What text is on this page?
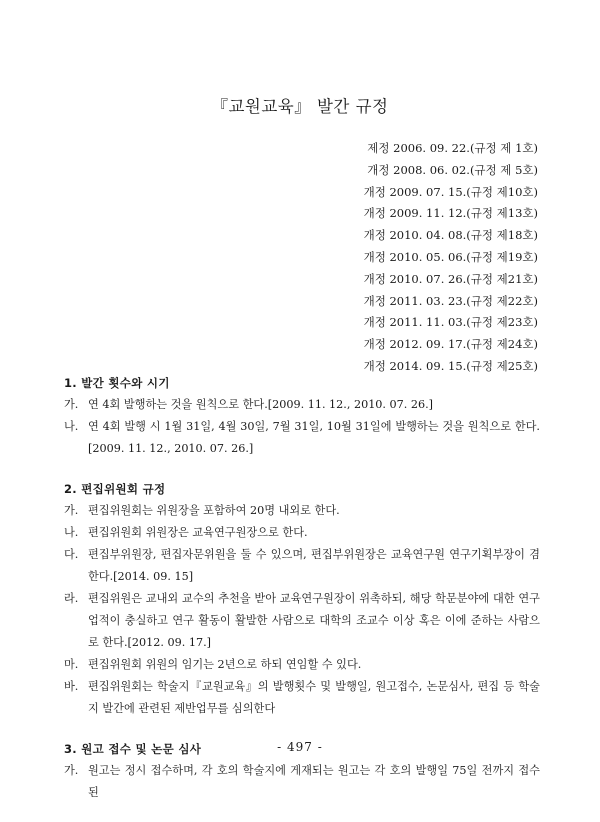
『교원교육』 발간 규정
제정 2006. 09. 22.(규정 제 1호)
개정 2008. 06. 02.(규정 제 5호)
개정 2009. 07. 15.(규정 제10호)
개정 2009. 11. 12.(규정 제13호)
개정 2010. 04. 08.(규정 제18호)
개정 2010. 05. 06.(규정 제19호)
개정 2010. 07. 26.(규정 제21호)
개정 2011. 03. 23.(규정 제22호)
개정 2011. 11. 03.(규정 제23호)
개정 2012. 09. 17.(규정 제24호)
개정 2014. 09. 15.(규정 제25호)
1. 발간 횟수와 시기
가. 연 4회 발행하는 것을 원칙으로 한다.[2009. 11. 12., 2010. 07. 26.]
나. 연 4회 발행 시 1월 31일, 4월 30일, 7월 31일, 10월 31일에 발행하는 것을 원칙으로 한다.[2009. 11. 12., 2010. 07. 26.]
2. 편집위원회 규정
가. 편집위원회는 위원장을 포함하여 20명 내외로 한다.
나. 편집위원회 위원장은 교육연구원장으로 한다.
다. 편집부위원장, 편집자문위원을 둘 수 있으며, 편집부위원장은 교육연구원 연구기획부장이 겸한다.[2014. 09. 15]
라. 편집위원은 교내외 교수의 추천을 받아 교육연구원장이 위촉하되, 해당 학문분야에 대한 연구업적이 충실하고 연구 활동이 활발한 사람으로 대학의 조교수 이상 혹은 이에 준하는 사람으로 한다.[2012. 09. 17.]
마. 편집위원회 위원의 임기는 2년으로 하되 연임할 수 있다.
바. 편집위원회는 학술지『교원교육』의 발행횟수 및 발행일, 원고접수, 논문심사, 편집 등 학술지 발간에 관련된 제반업무를 심의한다
3. 원고 접수 및 논문 심사
가. 원고는 정시 접수하며, 각 호의 학술지에 게재되는 원고는 각 호의 발행일 75일 전까지 접수된
- 497 -
